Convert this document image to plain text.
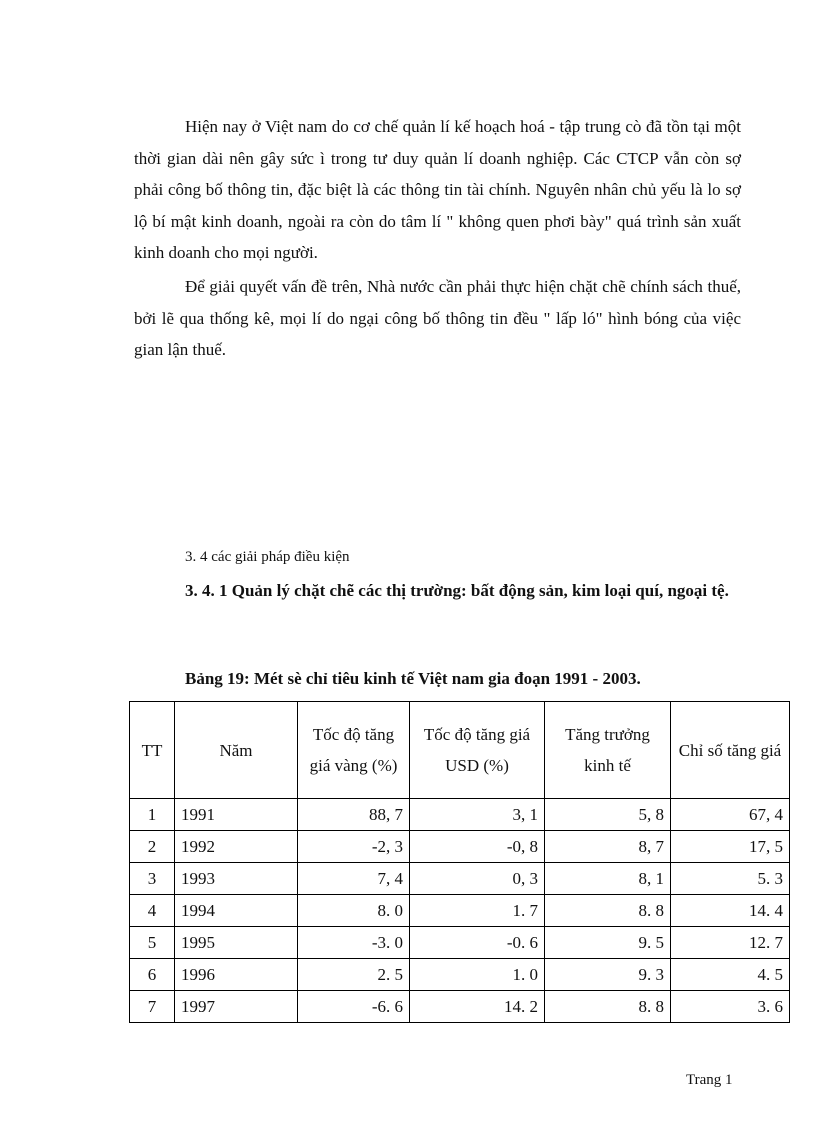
Hiện nay ở Việt nam do cơ chế quản lí kế hoạch hoá - tập trung cò đã tồn tại một thời gian dài nên gây sức ì trong tư duy quản lí doanh nghiệp. Các CTCP vẫn còn sợ phải công bố thông tin, đặc biệt là các thông tin tài chính. Nguyên nhân chủ yếu là lo sợ lộ bí mật kinh doanh, ngoài ra còn do tâm lí " không quen phơi bày" quá trình sản xuất kinh doanh cho mọi người.

Để giải quyết vấn đề trên, Nhà nước cần phải thực hiện chặt chẽ chính sách thuế, bởi lẽ qua thống kê, mọi lí do ngại công bố thông tin đều " lấp ló" hình bóng của việc gian lận thuế.

3. 4 các giải pháp điều kiện

3. 4. 1 Quản lý chặt chẽ các thị trường: bất động sản, kim loại quí, ngoại tệ.

Bảng 19: Mét sè chỉ tiêu kinh tế Việt nam gia đoạn 1991 - 2003.

TT	Năm	Tốc độ tăng giá vàng (%)	Tốc độ tăng giá USD (%)	Tăng trưởng kinh tế	Chỉ số tăng giá
1	1991	88, 7	3, 1	5, 8	67, 4
2	1992	-2, 3	-0, 8	8, 7	17, 5
3	1993	7, 4	0, 3	8, 1	5. 3
4	1994	8. 0	1. 7	8. 8	14. 4
5	1995	-3. 0	-0. 6	9. 5	12. 7
6	1996	2. 5	1. 0	9. 3	4. 5
7	1997	-6. 6	14. 2	8. 8	3. 6

Trang 1
